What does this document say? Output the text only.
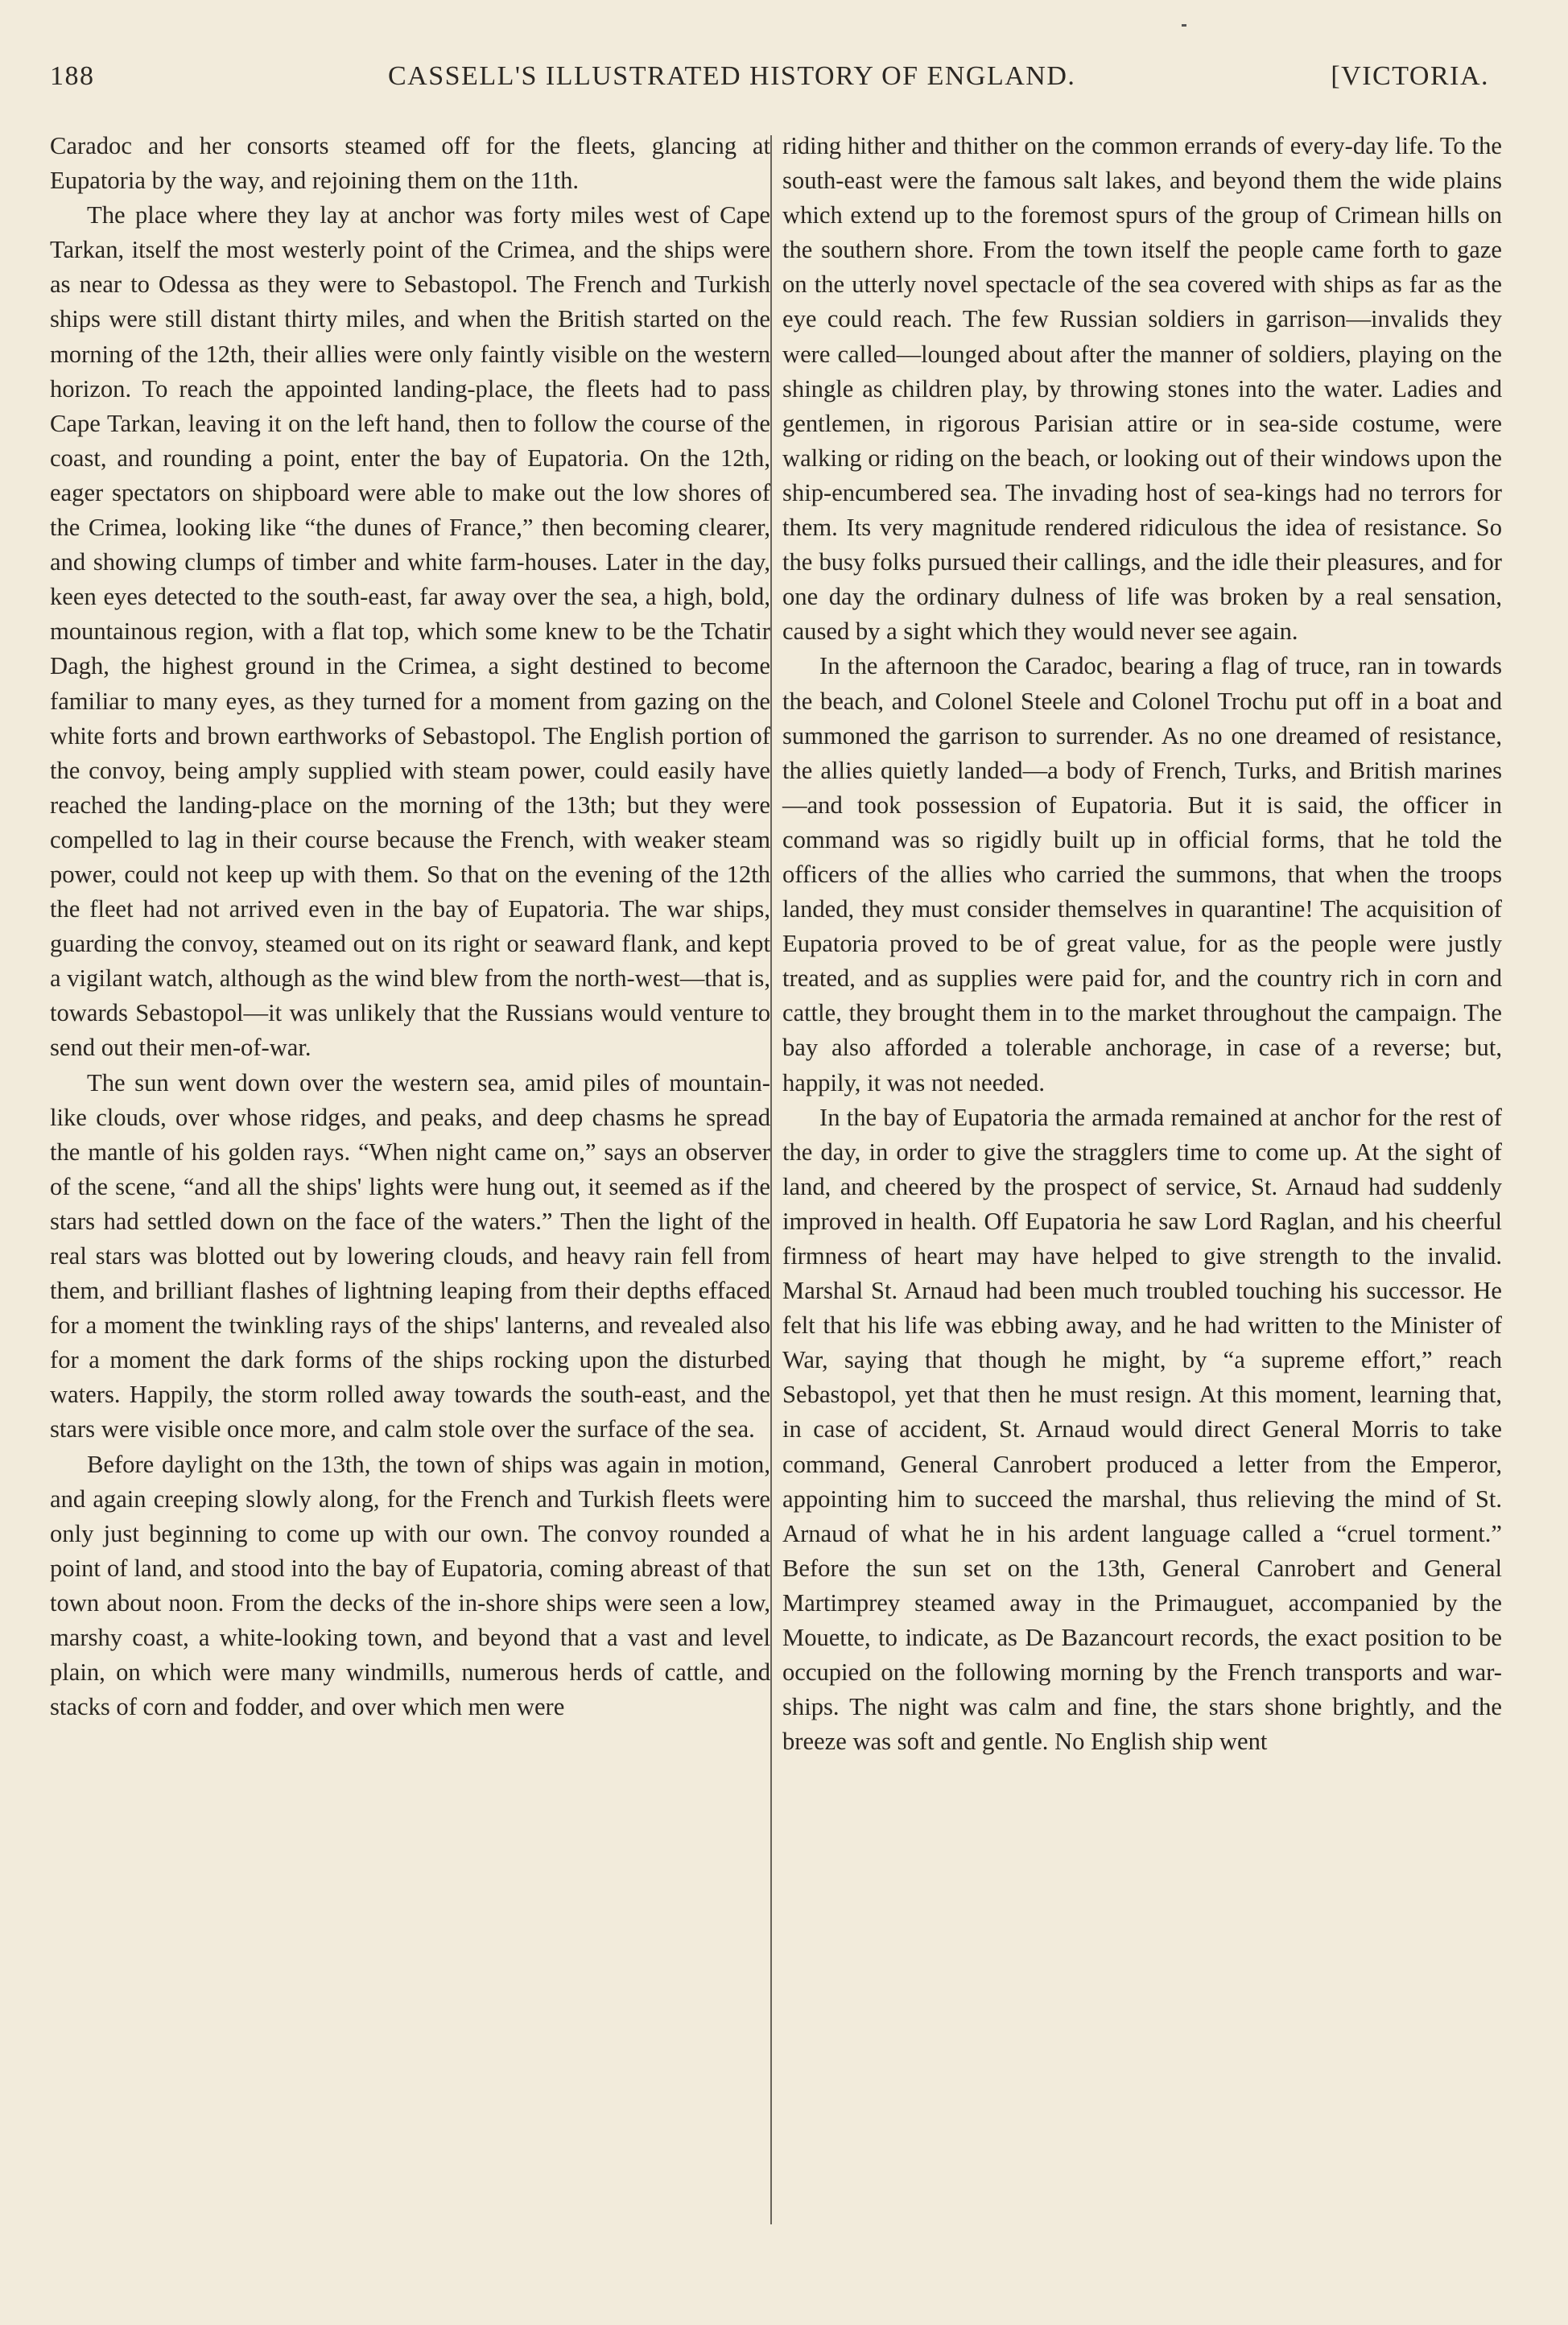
188	CASSELL'S ILLUSTRATED HISTORY OF ENGLAND.	[VICTORIA.

Caradoc and her consorts steamed off for the fleets, glancing at Eupatoria by the way, and rejoining them on the 11th.

The place where they lay at anchor was forty miles west of Cape Tarkan, itself the most westerly point of the Crimea, and the ships were as near to Odessa as they were to Sebastopol. The French and Turkish ships were still distant thirty miles, and when the British started on the morning of the 12th, their allies were only faintly visible on the western horizon. To reach the appointed landing-place, the fleets had to pass Cape Tarkan, leaving it on the left hand, then to follow the course of the coast, and rounding a point, enter the bay of Eupatoria. On the 12th, eager spectators on shipboard were able to make out the low shores of the Crimea, looking like “the dunes of France,” then becoming clearer, and showing clumps of timber and white farm-houses. Later in the day, keen eyes detected to the south-east, far away over the sea, a high, bold, mountainous region, with a flat top, which some knew to be the Tchatir Dagh, the highest ground in the Crimea, a sight destined to become familiar to many eyes, as they turned for a moment from gazing on the white forts and brown earthworks of Sebastopol. The English portion of the convoy, being amply supplied with steam power, could easily have reached the landing-place on the morning of the 13th; but they were compelled to lag in their course because the French, with weaker steam power, could not keep up with them. So that on the evening of the 12th the fleet had not arrived even in the bay of Eupatoria. The war ships, guarding the convoy, steamed out on its right or seaward flank, and kept a vigilant watch, although as the wind blew from the north-west—that is, towards Sebastopol—it was unlikely that the Russians would venture to send out their men-of-war.

The sun went down over the western sea, amid piles of mountain-like clouds, over whose ridges, and peaks, and deep chasms he spread the mantle of his golden rays. “When night came on,” says an observer of the scene, “and all the ships' lights were hung out, it seemed as if the stars had settled down on the face of the waters.” Then the light of the real stars was blotted out by lowering clouds, and heavy rain fell from them, and brilliant flashes of lightning leaping from their depths effaced for a moment the twinkling rays of the ships' lanterns, and revealed also for a moment the dark forms of the ships rocking upon the disturbed waters. Happily, the storm rolled away towards the south-east, and the stars were visible once more, and calm stole over the surface of the sea.

Before daylight on the 13th, the town of ships was again in motion, and again creeping slowly along, for the French and Turkish fleets were only just beginning to come up with our own. The convoy rounded a point of land, and stood into the bay of Eupatoria, coming abreast of that town about noon. From the decks of the in-shore ships were seen a low, marshy coast, a white-looking town, and beyond that a vast and level plain, on which were many windmills, numerous herds of cattle, and stacks of corn and fodder, and over which men were

riding hither and thither on the common errands of every-day life. To the south-east were the famous salt lakes, and beyond them the wide plains which extend up to the foremost spurs of the group of Crimean hills on the southern shore. From the town itself the people came forth to gaze on the utterly novel spectacle of the sea covered with ships as far as the eye could reach. The few Russian soldiers in garrison—invalids they were called—lounged about after the manner of soldiers, playing on the shingle as children play, by throwing stones into the water. Ladies and gentlemen, in rigorous Parisian attire or in sea-side costume, were walking or riding on the beach, or looking out of their windows upon the ship-encumbered sea. The invading host of sea-kings had no terrors for them. Its very magnitude rendered ridiculous the idea of resistance. So the busy folks pursued their callings, and the idle their pleasures, and for one day the ordinary dulness of life was broken by a real sensation, caused by a sight which they would never see again.

In the afternoon the Caradoc, bearing a flag of truce, ran in towards the beach, and Colonel Steele and Colonel Trochu put off in a boat and summoned the garrison to surrender. As no one dreamed of resistance, the allies quietly landed—a body of French, Turks, and British marines—and took possession of Eupatoria. But it is said, the officer in command was so rigidly built up in official forms, that he told the officers of the allies who carried the summons, that when the troops landed, they must consider themselves in quarantine! The acquisition of Eupatoria proved to be of great value, for as the people were justly treated, and as supplies were paid for, and the country rich in corn and cattle, they brought them in to the market throughout the campaign. The bay also afforded a tolerable anchorage, in case of a reverse; but, happily, it was not needed.

In the bay of Eupatoria the armada remained at anchor for the rest of the day, in order to give the stragglers time to come up. At the sight of land, and cheered by the prospect of service, St. Arnaud had suddenly improved in health. Off Eupatoria he saw Lord Raglan, and his cheerful firmness of heart may have helped to give strength to the invalid. Marshal St. Arnaud had been much troubled touching his successor. He felt that his life was ebbing away, and he had written to the Minister of War, saying that though he might, by “a supreme effort,” reach Sebastopol, yet that then he must resign. At this moment, learning that, in case of accident, St. Arnaud would direct General Morris to take command, General Canrobert produced a letter from the Emperor, appointing him to succeed the marshal, thus relieving the mind of St. Arnaud of what he in his ardent language called a “cruel torment.” Before the sun set on the 13th, General Canrobert and General Martimprey steamed away in the Primauguet, accompanied by the Mouette, to indicate, as De Bazancourt records, the exact position to be occupied on the following morning by the French transports and war-ships. The night was calm and fine, the stars shone brightly, and the breeze was soft and gentle. No English ship went
